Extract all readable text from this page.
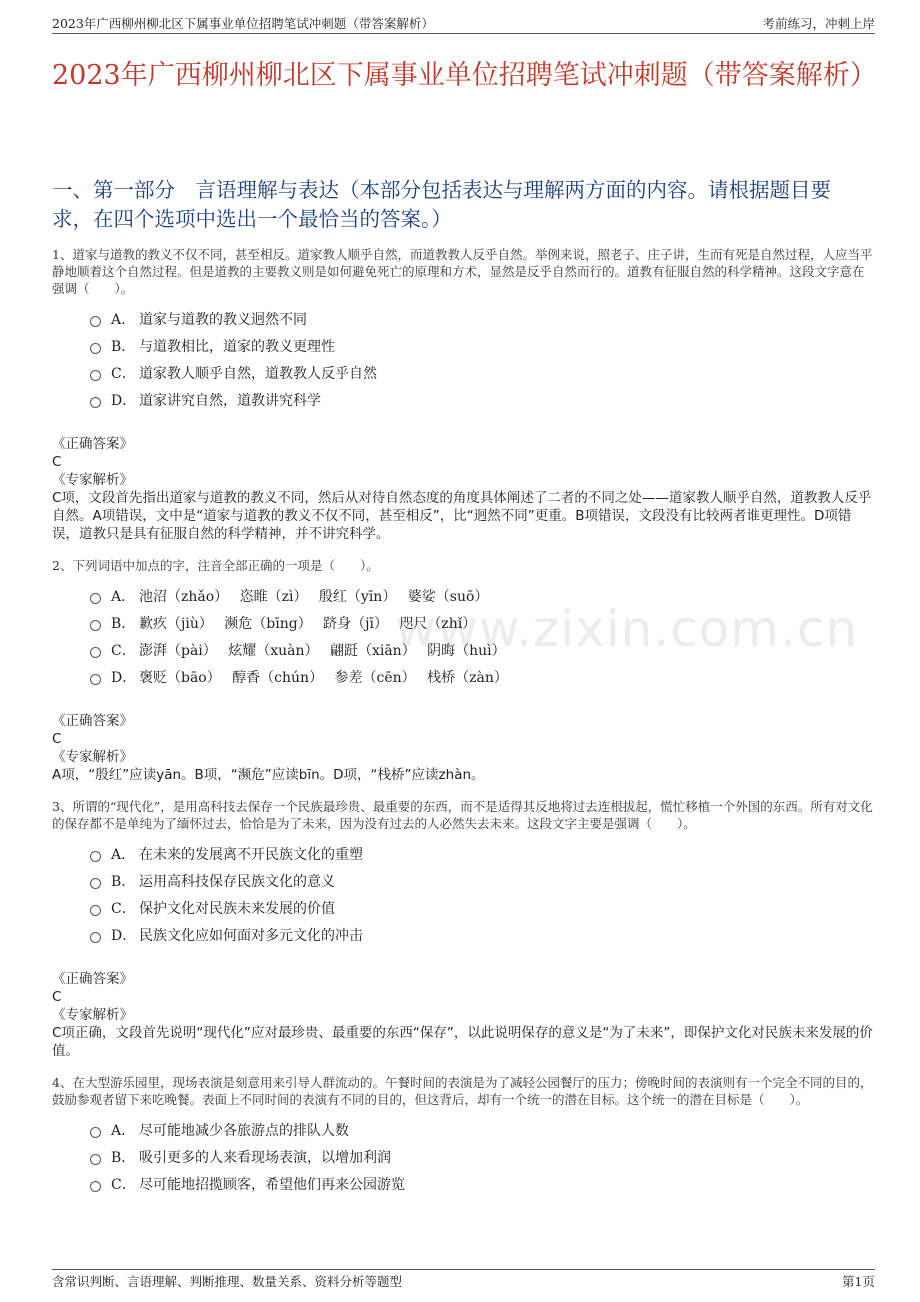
2023年广西柳州柳北区下属事业单位招聘笔试冲刺题（带答案解析）	考前练习，冲刺上岸
2023年广西柳州柳北区下属事业单位招聘笔试冲刺题（带答案解析）
一、第一部分　言语理解与表达（本部分包括表达与理解两方面的内容。请根据题目要求，在四个选项中选出一个最恰当的答案。）
www.zixin.com.cn

1、道家与道教的教义不仅不同，甚至相反。道家教人顺乎自然，而道教教人反乎自然。举例来说，照老子、庄子讲，生而有死是自然过程，人应当平静地顺着这个自然过程。但是道教的主要教义则是如何避免死亡的原理和方术，显然是反乎自然而行的。道教有征服自然的科学精神。这段文字意在强调（　　）。

A． 道家与道教的教义迥然不同
B． 与道教相比，道家的教义更理性
C． 道家教人顺乎自然，道教教人反乎自然
D． 道家讲究自然，道教讲究科学
《正确答案》
C
《专家解析》
C项，文段首先指出道家与道教的教义不同，然后从对待自然态度的角度具体阐述了二者的不同之处——道家教人顺乎自然，道教教人反乎自然。A项错误，文中是“道家与道教的教义不仅不同，甚至相反”，比“迥然不同”更重。B项错误，文段没有比较两者谁更理性。D项错误，道教只是具有征服自然的科学精神，并不讲究科学。

2、下列词语中加点的字，注音全部正确的一项是（　　）。

A． 池沼（zhǎo）　 恣睢（zì）　 殷红（yīn）　 婆娑（suō）
B． 歉疚（jiù）　 濒危（bīng）　 跻身（jī）　 咫尺（zhǐ）
C． 澎湃（pài）　 炫耀（xuàn）　 翩跹（xiān）　 阴晦（huì）
D． 褒贬（bāo）　 醇香（chún）　 参差（cēn）　 栈桥（zàn）
《正确答案》
C
《专家解析》
A项，“殷红”应读yān。B项，“濒危”应读bīn。D项，“栈桥”应读zhàn。

3、所谓的“现代化”，是用高科技去保存一个民族最珍贵、最重要的东西，而不是适得其反地将过去连根拔起，慌忙移植一个外国的东西。所有对文化的保存都不是单纯为了缅怀过去，恰恰是为了未来，因为没有过去的人必然失去未来。这段文字主要是强调（　　）。

A． 在未来的发展离不开民族文化的重塑
B． 运用高科技保存民族文化的意义
C． 保护文化对民族未来发展的价值
D． 民族文化应如何面对多元文化的冲击
《正确答案》
C
《专家解析》
C项正确，文段首先说明“现代化”应对最珍贵、最重要的东西“保存”，以此说明保存的意义是“为了未来”，即保护文化对民族未来发展的价值。

4、在大型游乐园里，现场表演是刻意用来引导人群流动的。午餐时间的表演是为了减轻公园餐厅的压力；傍晚时间的表演则有一个完全不同的目的，鼓励参观者留下来吃晚餐。表面上不同时间的表演有不同的目的，但这背后，却有一个统一的潜在目标。这个统一的潜在目标是（　　）。

A． 尽可能地减少各旅游点的排队人数
B． 吸引更多的人来看现场表演，以增加利润
C． 尽可能地招揽顾客，希望他们再来公园游览
含常识判断、言语理解、判断推理、数量关系、资料分析等题型	第1页
